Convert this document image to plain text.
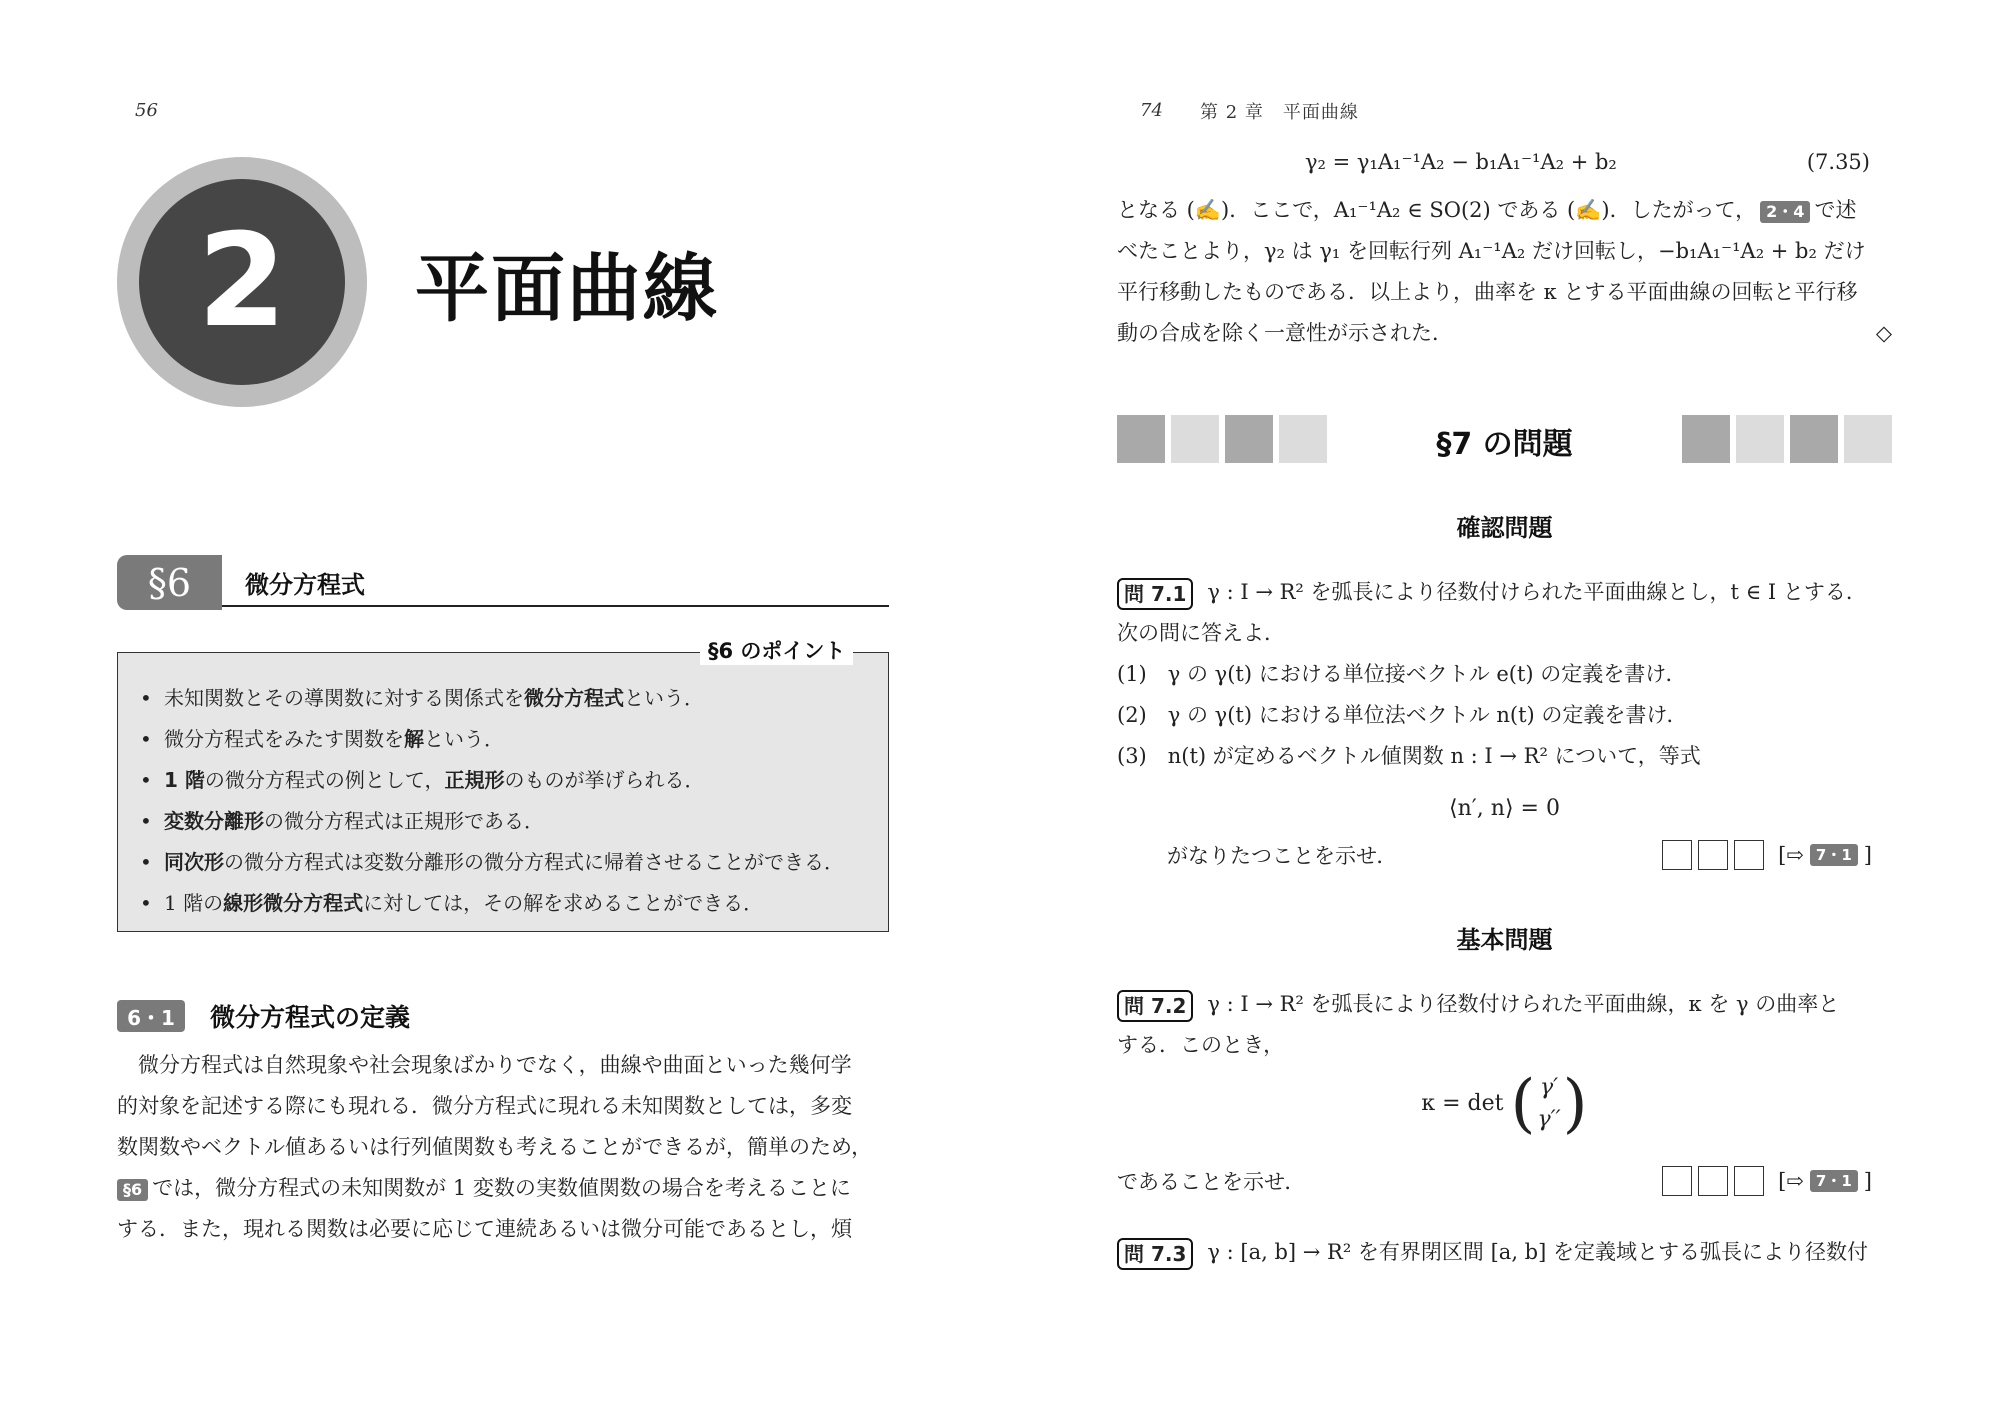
56
2 平面曲線
§6	微分方程式
§6 のポイント
• 未知関数とその導関数に対する関係式を微分方程式という．
• 微分方程式をみたす関数を解という．
• 1 階の微分方程式の例として，正規形のものが挙げられる．
• 変数分離形の微分方程式は正規形である．
• 同次形の微分方程式は変数分離形の微分方程式に帰着させることができる．
• 1 階の線形微分方程式に対しては，その解を求めることができる．
6・1	微分方程式の定義
微分方程式は自然現象や社会現象ばかりでなく，曲線や曲面といった幾何学
的対象を記述する際にも現れる．微分方程式に現れる未知関数としては，多変
数関数やベクトル値あるいは行列値関数も考えることができるが，簡単のため，
§6 では，微分方程式の未知関数が 1 変数の実数値関数の場合を考えることに
する．また，現れる関数は必要に応じて連続あるいは微分可能であるとし，煩
74 第 2 章　平面曲線
γ₂ = γ₁A₁⁻¹A₂ − b₁A₁⁻¹A₂ + b₂	(7.35)
となる (✍)．ここで，A₁⁻¹A₂ ∈ SO(2) である (✍)．したがって， 2・4 で述
べたことより，γ₂ は γ₁ を回転行列 A₁⁻¹A₂ だけ回転し，−b₁A₁⁻¹A₂ + b₂ だけ
平行移動したものである．以上より，曲率を κ とする平面曲線の回転と平行移
動の合成を除く一意性が示された．	◇
§7 の問題
確認問題
問 7.1 γ : I → R² を弧長により径数付けられた平面曲線とし，t ∈ I とする．
次の問に答えよ．
(1)　γ の γ(t) における単位接ベクトル e(t) の定義を書け．
(2)　γ の γ(t) における単位法ベクトル n(t) の定義を書け．
(3)　n(t) が定めるベクトル値関数 n : I → R² について，等式
⟨n′, n⟩ = 0
がなりたつことを示せ．	[⇨ 7・1 ]
基本問題
問 7.2 γ : I → R² を弧長により径数付けられた平面曲線，κ を γ の曲率と
する．このとき，
κ = det ( γ′
γ′′ )
であることを示せ．	[⇨ 7・1 ]
問 7.3 γ : [a, b] → R² を有界閉区間 [a, b] を定義域とする弧長により径数付
